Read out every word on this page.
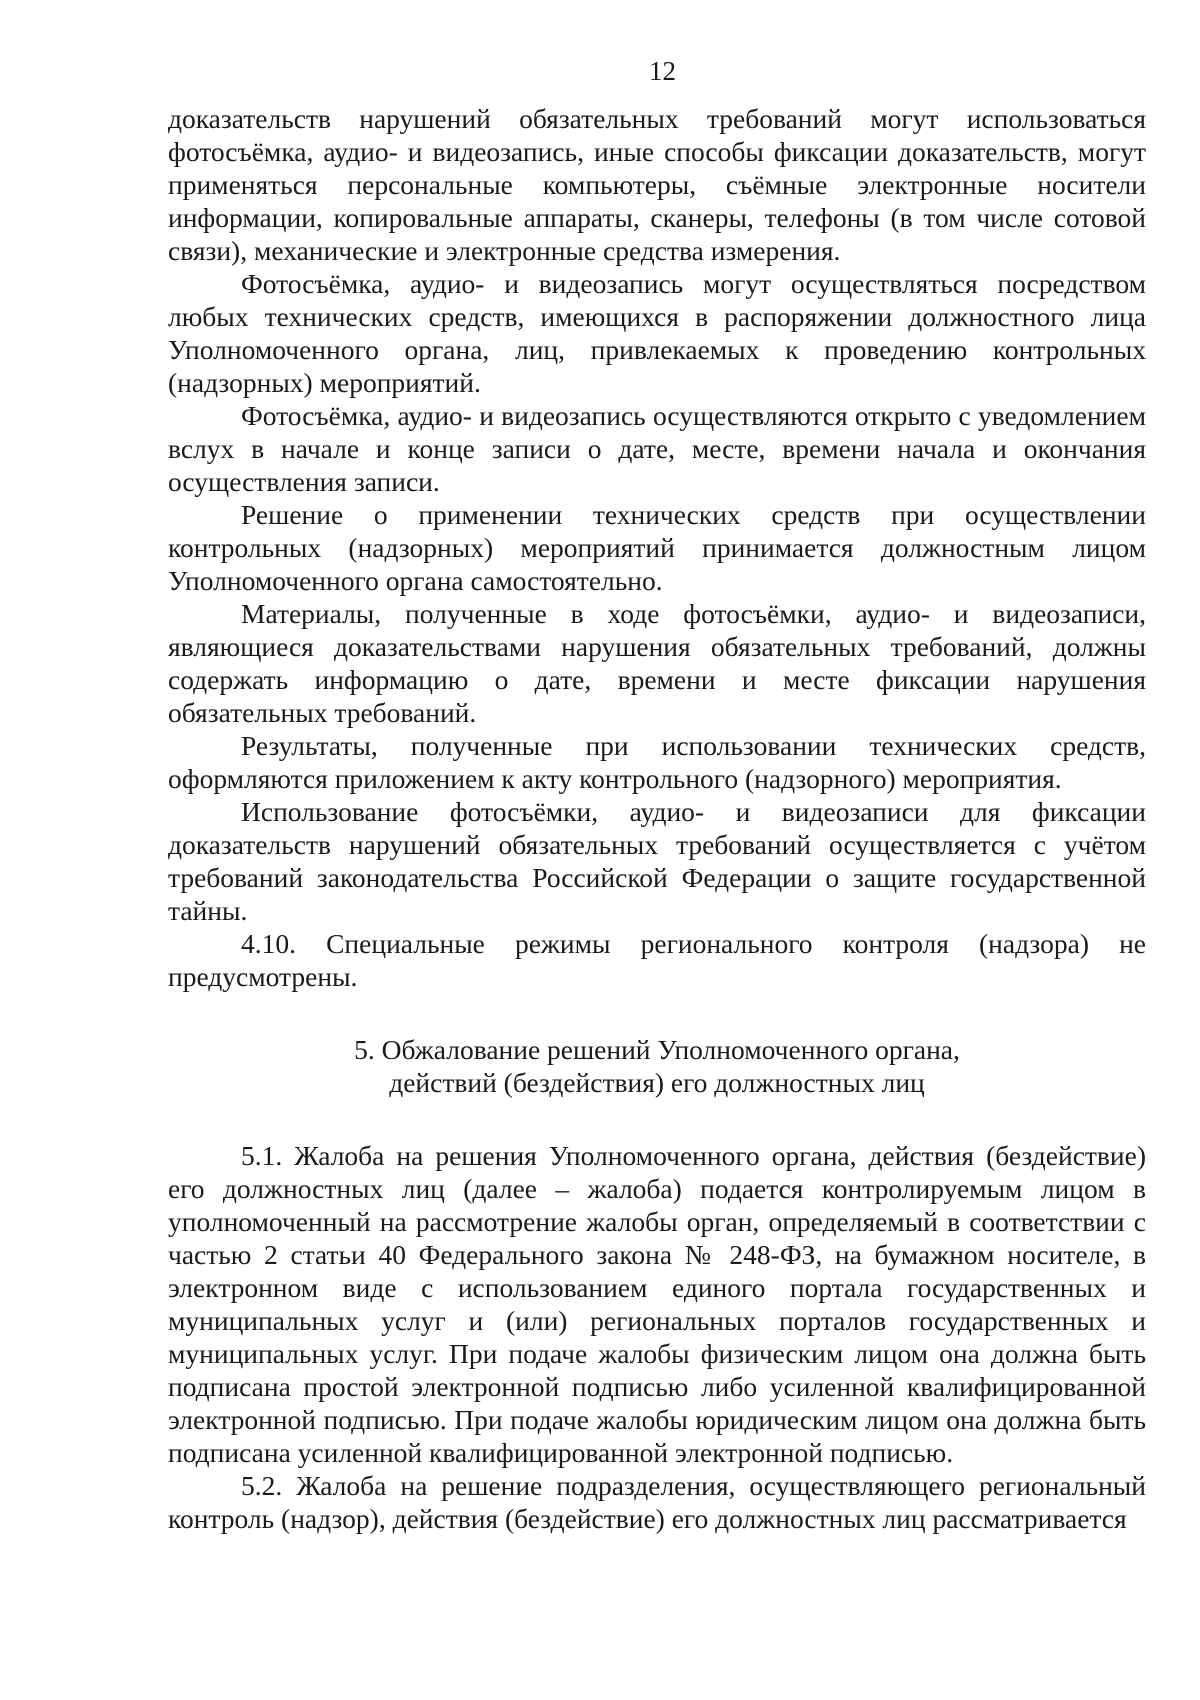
12

доказательств нарушений обязательных требований могут использоваться фотосъёмка, аудио- и видеозапись, иные способы фиксации доказательств, могут применяться персональные компьютеры, съёмные электронные носители информации, копировальные аппараты, сканеры, телефоны (в том числе сотовой связи), механические и электронные средства измерения.

Фотосъёмка, аудио- и видеозапись могут осуществляться посредством любых технических средств, имеющихся в распоряжении должностного лица Уполномоченного органа, лиц, привлекаемых к проведению контрольных (надзорных) мероприятий.

Фотосъёмка, аудио- и видеозапись осуществляются открыто с уведомлением вслух в начале и конце записи о дате, месте, времени начала и окончания осуществления записи.

Решение о применении технических средств при осуществлении контрольных (надзорных) мероприятий принимается должностным лицом Уполномоченного органа самостоятельно.

Материалы, полученные в ходе фотосъёмки, аудио- и видеозаписи, являющиеся доказательствами нарушения обязательных требований, должны содержать информацию о дате, времени и месте фиксации нарушения обязательных требований.

Результаты, полученные при использовании технических средств, оформляются приложением к акту контрольного (надзорного) мероприятия.

Использование фотосъёмки, аудио- и видеозаписи для фиксации доказательств нарушений обязательных требований осуществляется с учётом требований законодательства Российской Федерации о защите государственной тайны.

4.10. Специальные режимы регионального контроля (надзора) не предусмотрены.

5. Обжалование решений Уполномоченного органа,
действий (бездействия) его должностных лиц

5.1. Жалоба на решения Уполномоченного органа, действия (бездействие) его должностных лиц (далее – жалоба) подается контролируемым лицом в уполномоченный на рассмотрение жалобы орган, определяемый в соответствии с частью 2 статьи 40 Федерального закона № 248-ФЗ, на бумажном носителе, в электронном виде с использованием единого портала государственных и муниципальных услуг и (или) региональных порталов государственных и муниципальных услуг. При подаче жалобы физическим лицом она должна быть подписана простой электронной подписью либо усиленной квалифицированной электронной подписью. При подаче жалобы юридическим лицом она должна быть подписана усиленной квалифицированной электронной подписью.

5.2. Жалоба на решение подразделения, осуществляющего региональный контроль (надзор), действия (бездействие) его должностных лиц рассматривается
